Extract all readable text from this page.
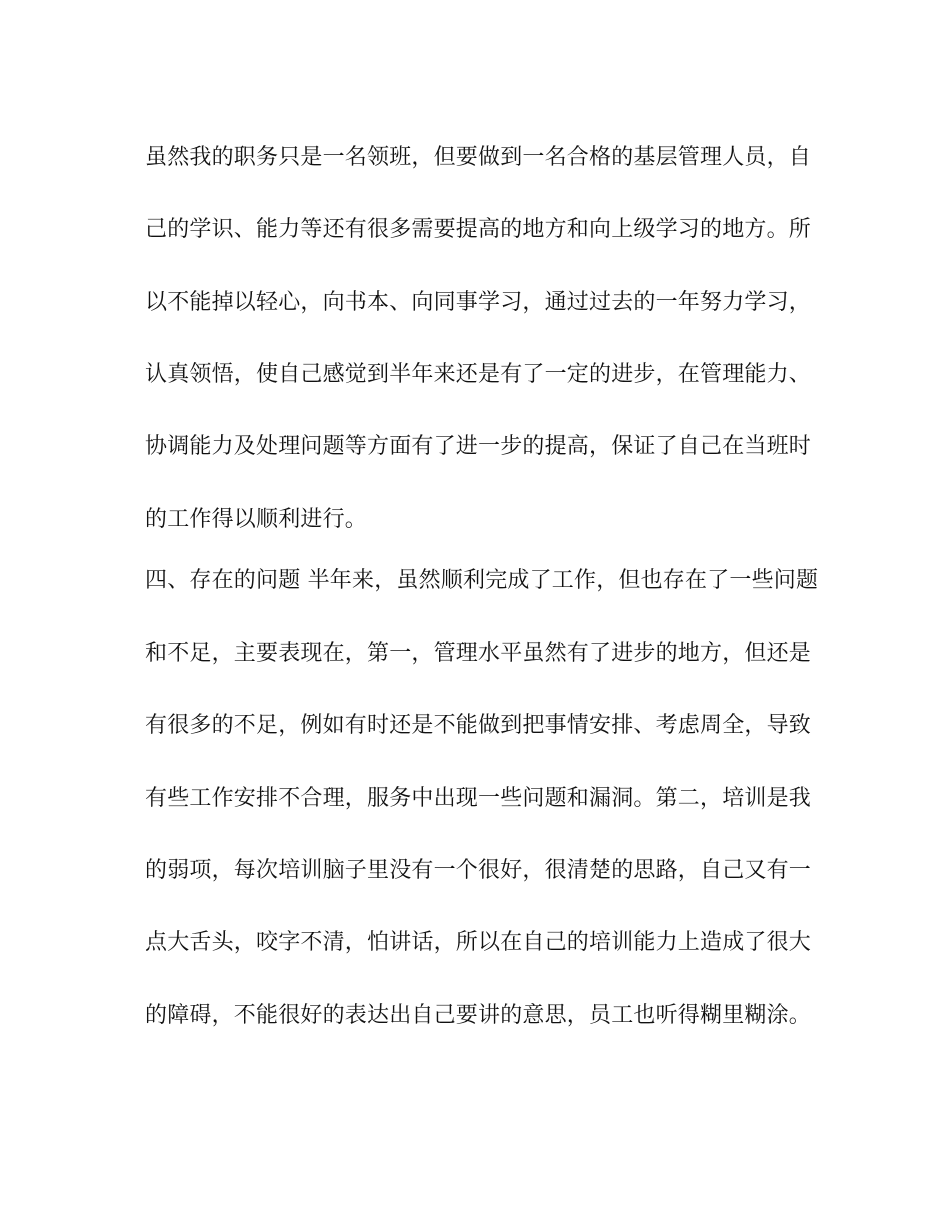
虽然我的职务只是一名领班，但要做到一名合格的基层管理人员，自
己的学识、能力等还有很多需要提高的地方和向上级学习的地方。所
以不能掉以轻心，向书本、向同事学习，通过过去的一年努力学习，
认真领悟，使自己感觉到半年来还是有了一定的进步，在管理能力、
协调能力及处理问题等方面有了进一步的提高，保证了自己在当班时
的工作得以顺利进行。
四、存在的问题 半年来，虽然顺利完成了工作，但也存在了一些问题
和不足，主要表现在，第一，管理水平虽然有了进步的地方，但还是
有很多的不足，例如有时还是不能做到把事情安排、考虑周全，导致
有些工作安排不合理，服务中出现一些问题和漏洞。第二，培训是我
的弱项，每次培训脑子里没有一个很好，很清楚的思路，自己又有一
点大舌头，咬字不清，怕讲话，所以在自己的培训能力上造成了很大
的障碍，不能很好的表达出自己要讲的意思，员工也听得糊里糊涂。
